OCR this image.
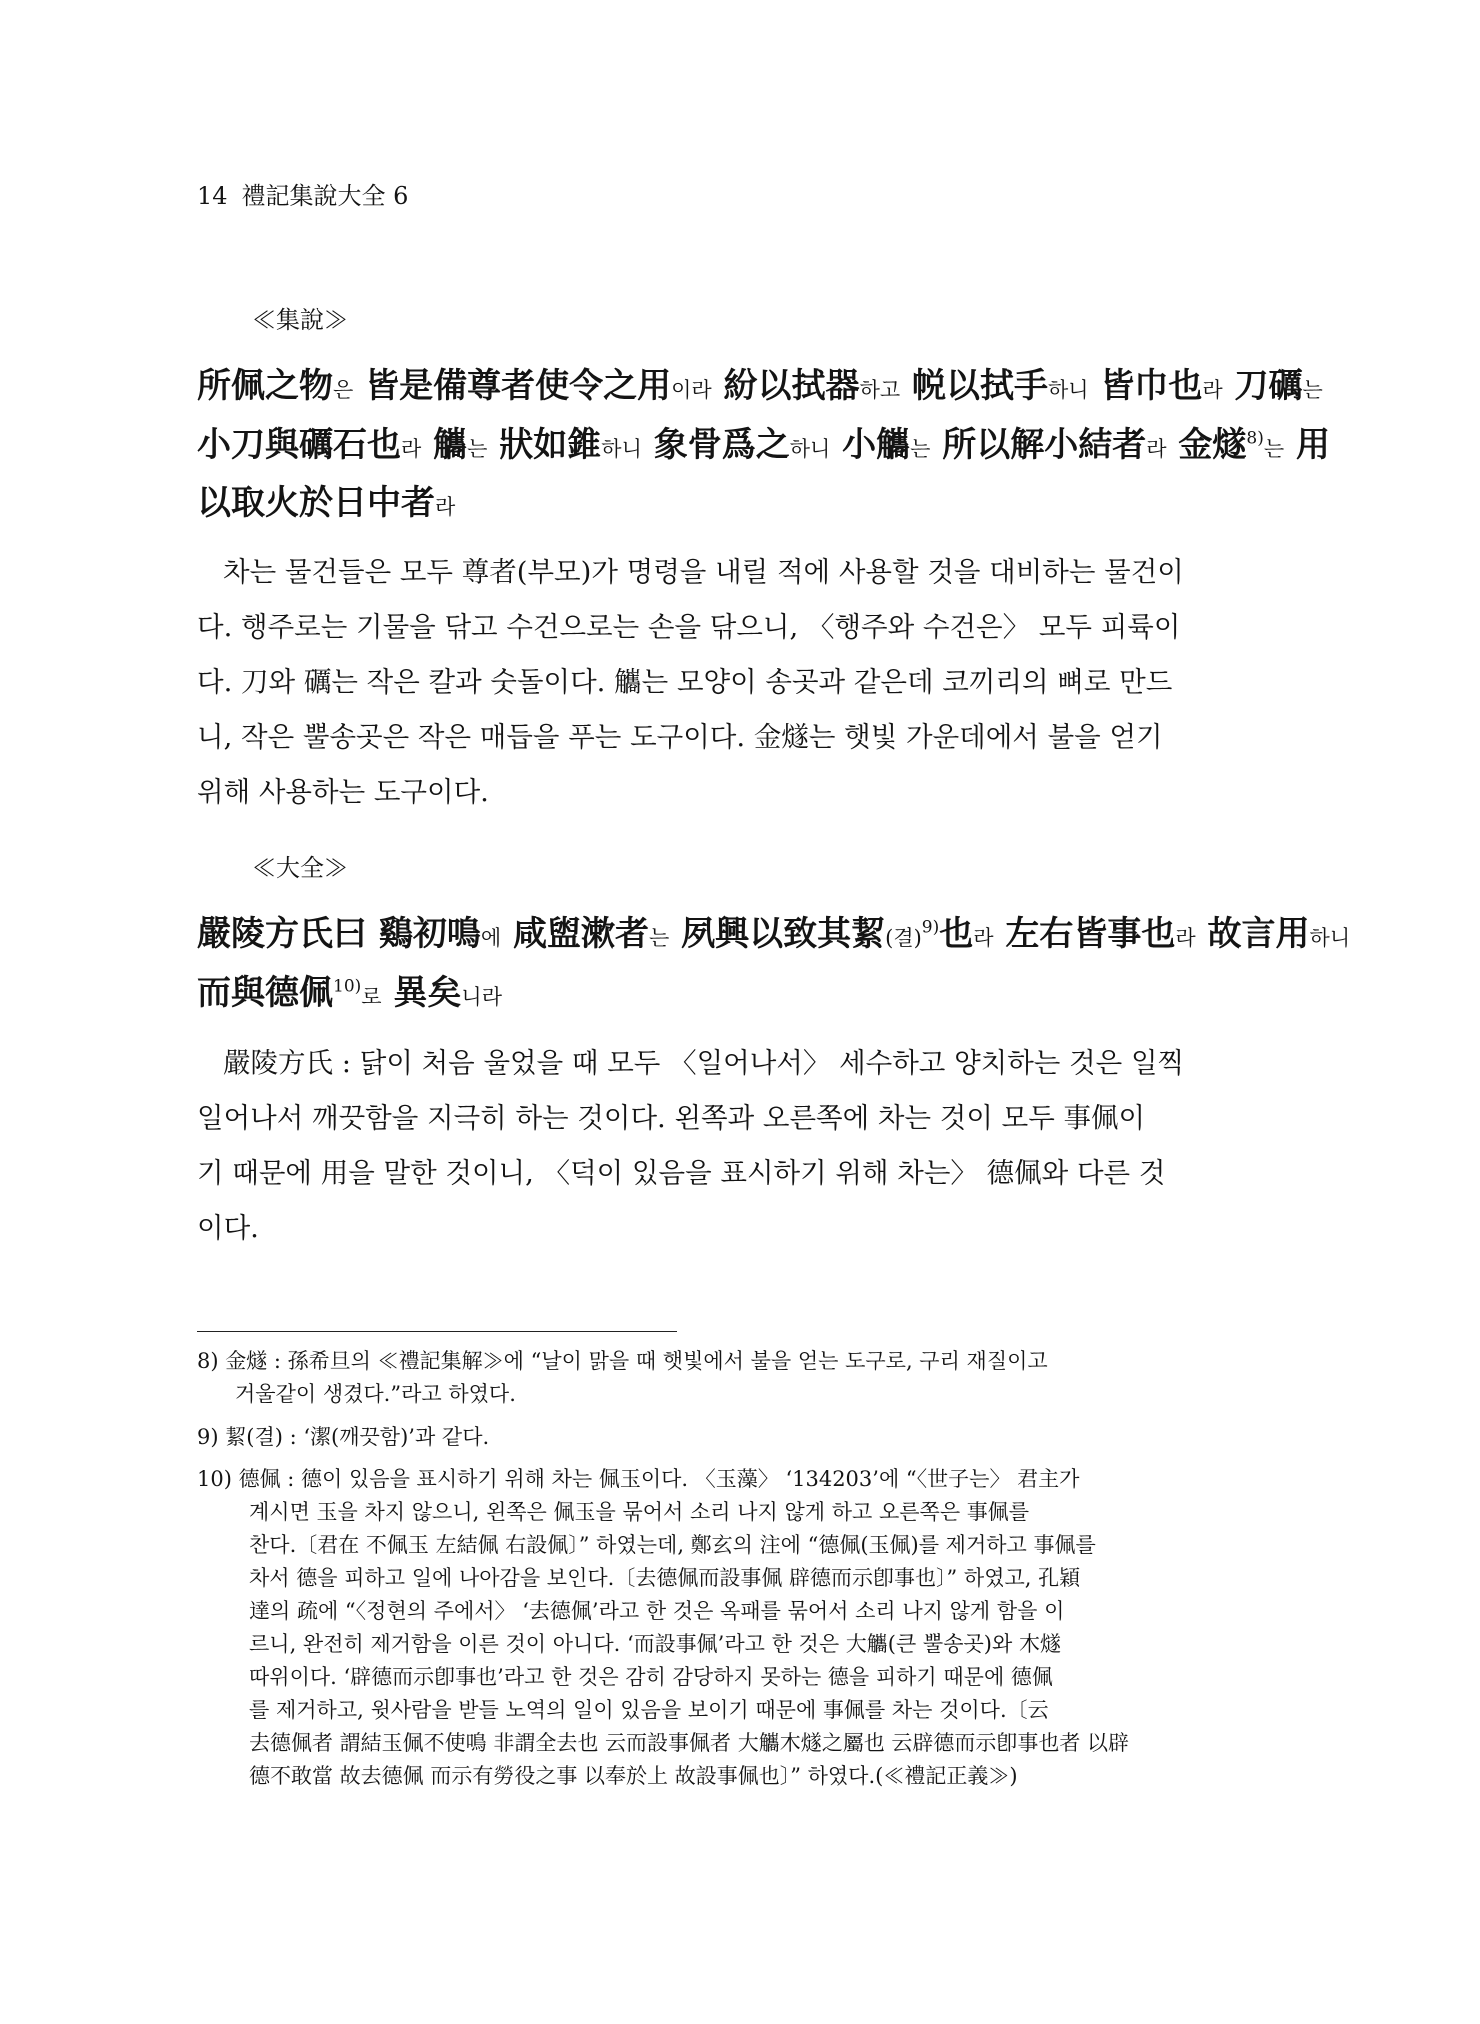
14 禮記集說大全 6
≪集說≫
所佩之物은 皆是備尊者使令之用이라 紛以拭器하고 帨以拭手하니 皆巾也라 刀礪는
小刀與礪石也라 觿는 狀如錐하니 象骨爲之하니 小觿는 所以解小結者라 金燧$^{8)}$는 用
以取火於日中者라
차는 물건들은 모두 尊者(부모)가 명령을 내릴 적에 사용할 것을 대비하는 물건이
다. 행주로는 기물을 닦고 수건으로는 손을 닦으니, 〈행주와 수건은〉 모두 피륙이
다. 刀와 礪는 작은 칼과 숫돌이다. 觿는 모양이 송곳과 같은데 코끼리의 뼈로 만드
니, 작은 뿔송곳은 작은 매듭을 푸는 도구이다. 金燧는 햇빛 가운데에서 불을 얻기
위해 사용하는 도구이다.
≪大全≫
嚴陵方氏曰 鷄初鳴에 咸盥漱者는 夙興以致其絜(결)$^{9)}$也라 左右皆事也라 故言用하니
而與德佩$^{10)}$로 異矣니라
嚴陵方氏 : 닭이 처음 울었을 때 모두 〈일어나서〉 세수하고 양치하는 것은 일찍
일어나서 깨끗함을 지극히 하는 것이다. 왼쪽과 오른쪽에 차는 것이 모두 事佩이
기 때문에 用을 말한 것이니, 〈덕이 있음을 표시하기 위해 차는〉 德佩와 다른 것
이다.
8) 金燧 : 孫希旦의 ≪禮記集解≫에 “날이 맑을 때 햇빛에서 불을 얻는 도구로, 구리 재질이고
거울같이 생겼다.”라고 하였다.
9) 絜(결) : ‘潔(깨끗함)’과 같다.
10) 德佩 : 德이 있음을 표시하기 위해 차는 佩玉이다. 〈玉藻〉 ‘134203’에 “〈世子는〉 君主가
계시면 玉을 차지 않으니, 왼쪽은 佩玉을 묶어서 소리 나지 않게 하고 오른쪽은 事佩를
찬다.〔君在 不佩玉 左結佩 右設佩〕” 하였는데, 鄭玄의 注에 “德佩(玉佩)를 제거하고 事佩를
차서 德을 피하고 일에 나아감을 보인다.〔去德佩而設事佩 辟德而示卽事也〕” 하였고, 孔穎
達의 疏에 “〈정현의 주에서〉 ‘去德佩’라고 한 것은 옥패를 묶어서 소리 나지 않게 함을 이
르니, 완전히 제거함을 이른 것이 아니다. ‘而設事佩’라고 한 것은 大觿(큰 뿔송곳)와 木燧
따위이다. ‘辟德而示卽事也’라고 한 것은 감히 감당하지 못하는 德을 피하기 때문에 德佩
를 제거하고, 윗사람을 받들 노역의 일이 있음을 보이기 때문에 事佩를 차는 것이다.〔云
去德佩者 謂結玉佩不使鳴 非謂全去也 云而設事佩者 大觿木燧之屬也 云辟德而示卽事也者 以辟
德不敢當 故去德佩 而示有勞役之事 以奉於上 故設事佩也〕” 하였다.(≪禮記正義≫)
